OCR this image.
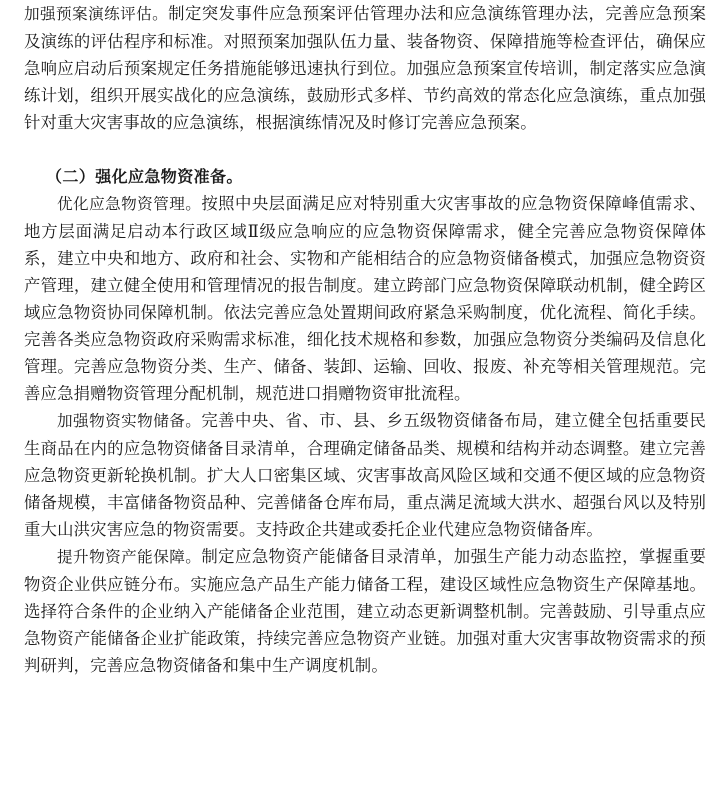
加强预案演练评估。制定突发事件应急预案评估管理办法和应急演练管理办法，完善应急预案及演练的评估程序和标准。对照预案加强队伍力量、装备物资、保障措施等检查评估，确保应急响应启动后预案规定任务措施能够迅速执行到位。加强应急预案宣传培训，制定落实应急演练计划，组织开展实战化的应急演练，鼓励形式多样、节约高效的常态化应急演练，重点加强针对重大灾害事故的应急演练，根据演练情况及时修订完善应急预案。

（二）强化应急物资准备。

优化应急物资管理。按照中央层面满足应对特别重大灾害事故的应急物资保障峰值需求、地方层面满足启动本行政区域Ⅱ级应急响应的应急物资保障需求，健全完善应急物资保障体系，建立中央和地方、政府和社会、实物和产能相结合的应急物资储备模式，加强应急物资资产管理，建立健全使用和管理情况的报告制度。建立跨部门应急物资保障联动机制，健全跨区域应急物资协同保障机制。依法完善应急处置期间政府紧急采购制度，优化流程、简化手续。完善各类应急物资政府采购需求标准，细化技术规格和参数，加强应急物资分类编码及信息化管理。完善应急物资分类、生产、储备、装卸、运输、回收、报废、补充等相关管理规范。完善应急捐赠物资管理分配机制，规范进口捐赠物资审批流程。

加强物资实物储备。完善中央、省、市、县、乡五级物资储备布局，建立健全包括重要民生商品在内的应急物资储备目录清单，合理确定储备品类、规模和结构并动态调整。建立完善应急物资更新轮换机制。扩大人口密集区域、灾害事故高风险区域和交通不便区域的应急物资储备规模，丰富储备物资品种、完善储备仓库布局，重点满足流域大洪水、超强台风以及特别重大山洪灾害应急的物资需要。支持政企共建或委托企业代建应急物资储备库。

提升物资产能保障。制定应急物资产能储备目录清单，加强生产能力动态监控，掌握重要物资企业供应链分布。实施应急产品生产能力储备工程，建设区域性应急物资生产保障基地。选择符合条件的企业纳入产能储备企业范围，建立动态更新调整机制。完善鼓励、引导重点应急物资产能储备企业扩能政策，持续完善应急物资产业链。加强对重大灾害事故物资需求的预判研判，完善应急物资储备和集中生产调度机制。
